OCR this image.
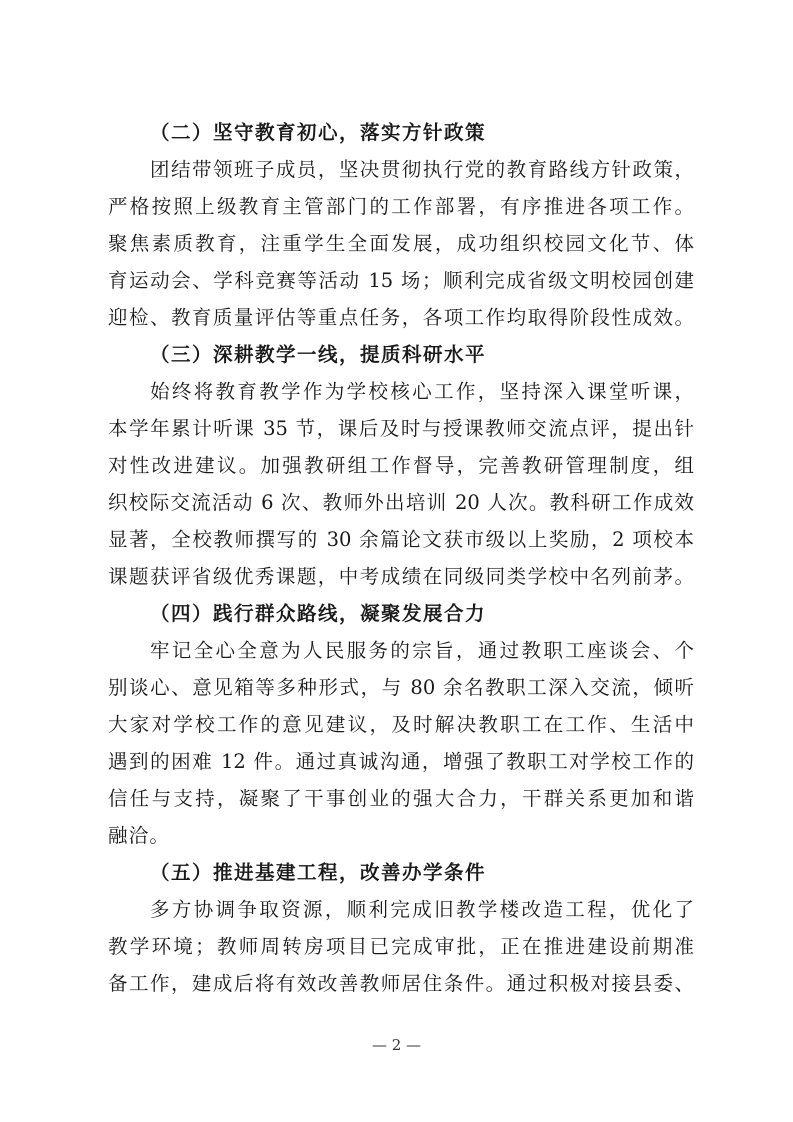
（二）坚守教育初心，落实方针政策
团结带领班子成员，坚决贯彻执行党的教育路线方针政策，
严格按照上级教育主管部门的工作部署，有序推进各项工作。
聚焦素质教育，注重学生全面发展，成功组织校园文化节、体
育运动会、学科竞赛等活动 15 场；顺利完成省级文明校园创建
迎检、教育质量评估等重点任务，各项工作均取得阶段性成效。
（三）深耕教学一线，提质科研水平
始终将教育教学作为学校核心工作，坚持深入课堂听课，
本学年累计听课 35 节，课后及时与授课教师交流点评，提出针
对性改进建议。加强教研组工作督导，完善教研管理制度，组
织校际交流活动 6 次、教师外出培训 20 人次。教科研工作成效
显著，全校教师撰写的 30 余篇论文获市级以上奖励，2 项校本
课题获评省级优秀课题，中考成绩在同级同类学校中名列前茅。
（四）践行群众路线，凝聚发展合力
牢记全心全意为人民服务的宗旨，通过教职工座谈会、个
别谈心、意见箱等多种形式，与 80 余名教职工深入交流，倾听
大家对学校工作的意见建议，及时解决教职工在工作、生活中
遇到的困难 12 件。通过真诚沟通，增强了教职工对学校工作的
信任与支持，凝聚了干事创业的强大合力，干群关系更加和谐
融洽。
（五）推进基建工程，改善办学条件
多方协调争取资源，顺利完成旧教学楼改造工程，优化了
教学环境；教师周转房项目已完成审批，正在推进建设前期准
备工作，建成后将有效改善教师居住条件。通过积极对接县委、
— 2 —
